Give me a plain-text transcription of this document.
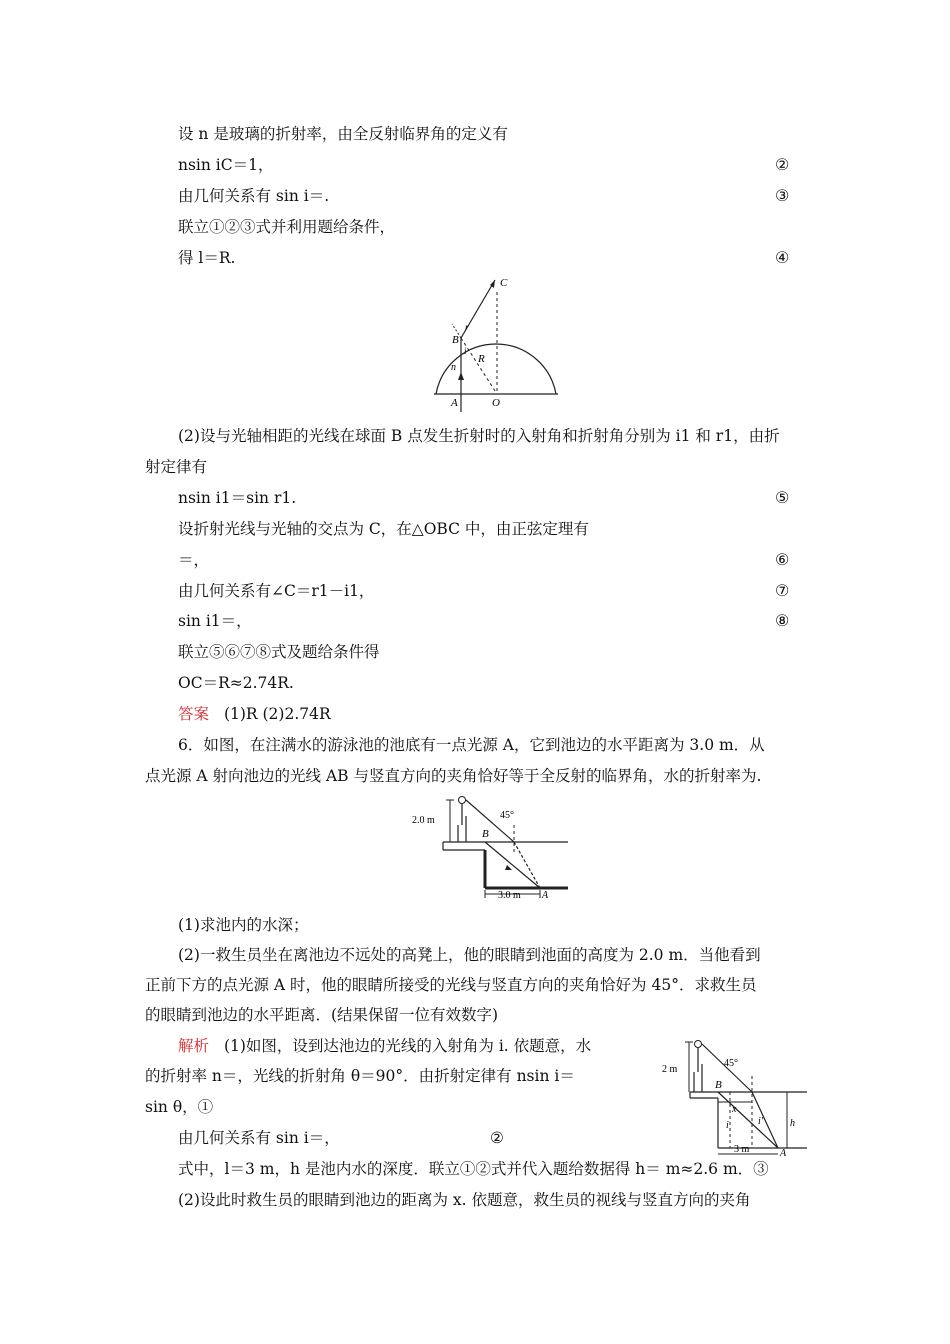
设 n 是玻璃的折射率，由全反射临界角的定义有
nsin iC＝1，	②
由几何关系有 sin i＝.	③
联立①②③式并利用题给条件，
得 l＝R.	④
C
r
B
i
R
n
A	O
(2)设与光轴相距的光线在球面 B 点发生折射时的入射角和折射角分别为 i1 和 r1，由折
射定律有
nsin i1＝sin r1.	⑤
设折射光线与光轴的交点为 C，在△OBC 中，由正弦定理有
＝，	⑥
由几何关系有∠C＝r1－i1，	⑦
sin i1＝，	⑧
联立⑤⑥⑦⑧式及题给条件得
OC＝R≈2.74R.
答案 (1)R (2)2.74R
6．如图，在注满水的游泳池的池底有一点光源 A，它到池边的水平距离为 3.0 m．从
点光源 A 射向池边的光线 AB 与竖直方向的夹角恰好等于全反射的临界角，水的折射率为.
2.0 m	45°
B
3.0 m A
(1)求池内的水深；
(2)一救生员坐在离池边不远处的高凳上，他的眼睛到池面的高度为 2.0 m．当他看到
正前下方的点光源 A 时，他的眼睛所接受的光线与竖直方向的夹角恰好为 45°．求救生员
的眼睛到池边的水平距离．(结果保留一位有效数字)
解析 (1)如图，设到达池边的光线的入射角为 i. 依题意，水
的折射率 n＝，光线的折射角 θ＝90°．由折射定律有 nsin i＝
sin θ，①
由几何关系有 sin i＝，	②
2 m
45°
B
x
i	i'	h
3 m	A
式中，l＝3 m，h 是池内水的深度．联立①②式并代入题给数据得 h＝ m≈2.6 m．③
(2)设此时救生员的眼睛到池边的距离为 x. 依题意，救生员的视线与竖直方向的夹角
